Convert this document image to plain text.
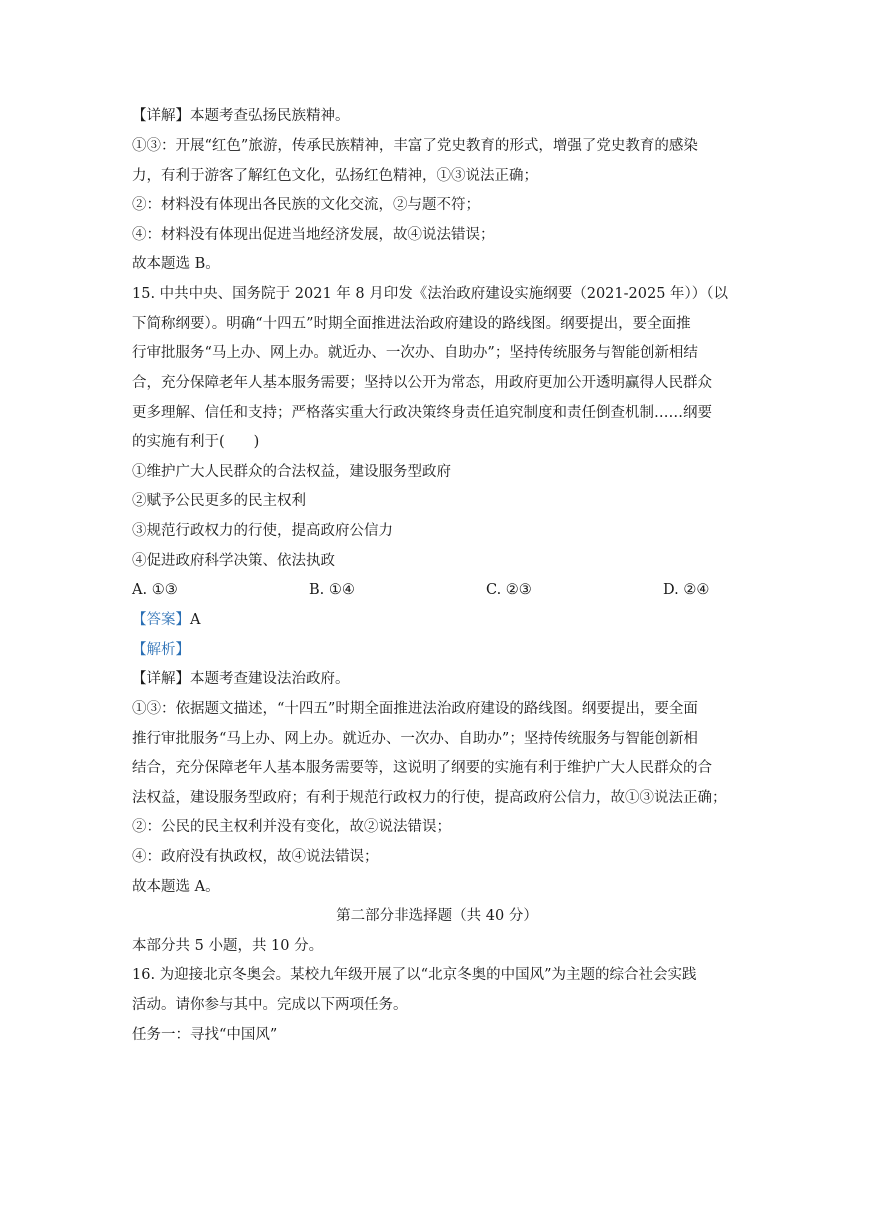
【详解】本题考查弘扬民族精神。
①③：开展“红色”旅游，传承民族精神，丰富了党史教育的形式，增强了党史教育的感染
力，有利于游客了解红色文化，弘扬红色精神，①③说法正确；
②：材料没有体现出各民族的文化交流，②与题不符；
④：材料没有体现出促进当地经济发展，故④说法错误；
故本题选 B。
15. 中共中央、国务院于 2021 年 8 月印发《法治政府建设实施纲要（2021-2025 年））（以
下简称纲要）。明确“十四五”时期全面推进法治政府建设的路线图。纲要提出，要全面推
行审批服务“马上办、网上办。就近办、一次办、自助办”；坚持传统服务与智能创新相结
合，充分保障老年人基本服务需要；坚持以公开为常态，用政府更加公开透明赢得人民群众
更多理解、信任和支持；严格落实重大行政决策终身责任追究制度和责任倒查机制……纲要
的实施有利于(　　)
①维护广大人民群众的合法权益，建设服务型政府
②赋予公民更多的民主权利
③规范行政权力的行使，提高政府公信力
④促进政府科学决策、依法执政
A. ①③	B. ①④	C. ②③	D. ②④
【答案】A
【解析】
【详解】本题考查建设法治政府。
①③：依据题文描述，“十四五”时期全面推进法治政府建设的路线图。纲要提出，要全面
推行审批服务“马上办、网上办。就近办、一次办、自助办”；坚持传统服务与智能创新相
结合，充分保障老年人基本服务需要等，这说明了纲要的实施有利于维护广大人民群众的合
法权益，建设服务型政府；有利于规范行政权力的行使，提高政府公信力，故①③说法正确；
②：公民的民主权利并没有变化，故②说法错误；
④：政府没有执政权，故④说法错误；
故本题选 A。
第二部分非选择题（共 40 分）
本部分共 5 小题，共 10 分。
16. 为迎接北京冬奥会。某校九年级开展了以“北京冬奥的中国风”为主题的综合社会实践
活动。请你参与其中。完成以下两项任务。
任务一：寻找“中国风”
